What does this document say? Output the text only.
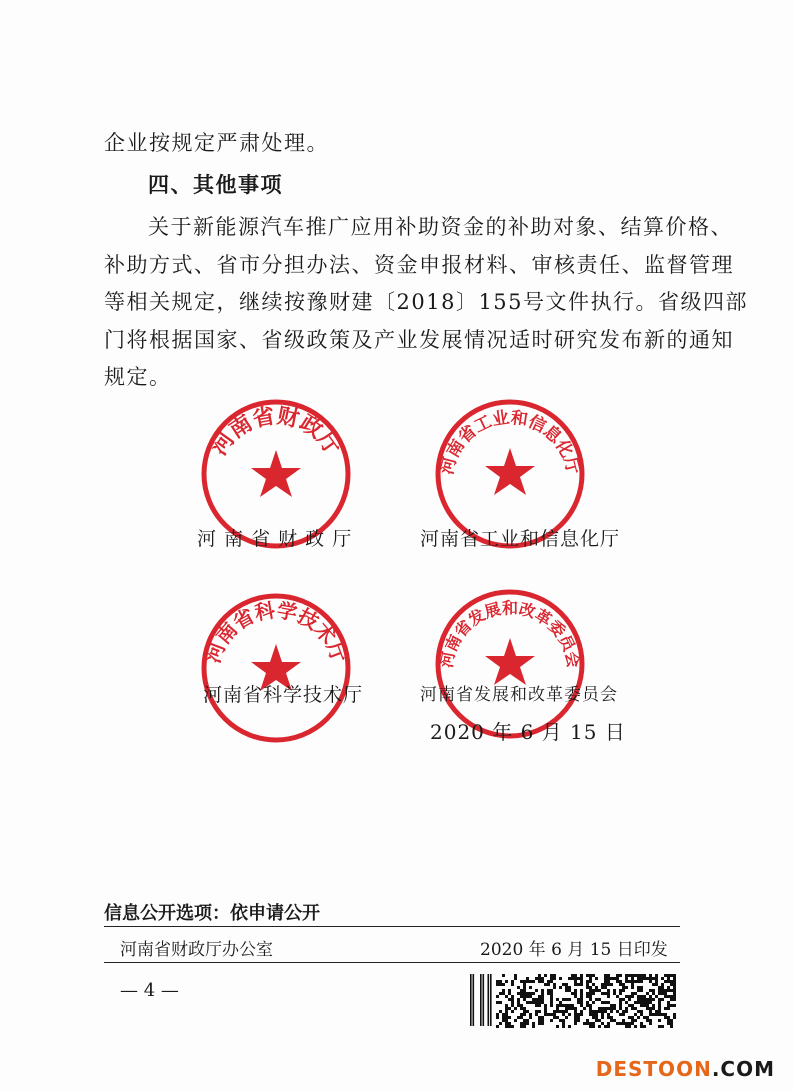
企业按规定严肃处理。
四、其他事项
关于新能源汽车推广应用补助资金的补助对象、结算价格、
补助方式、省市分担办法、资金申报材料、审核责任、监督管理
等相关规定，继续按豫财建〔2018〕155号文件执行。省级四部
门将根据国家、省级政策及产业发展情况适时研究发布新的通知
规定。
河南省财政厅
河南省工业和信息化厅
河 南 省 财 政 厅	河南省工业和信息化厅
河南省科学技术厅	河南省发展和改革委员会
河南省科学技术厅	河南省发展和改革委员会
2020 年 6 月 15 日
信息公开选项：依申请公开
河南省财政厅办公室	2020 年 6 月 15 日印发
— 4 —
DESTOON.COM
